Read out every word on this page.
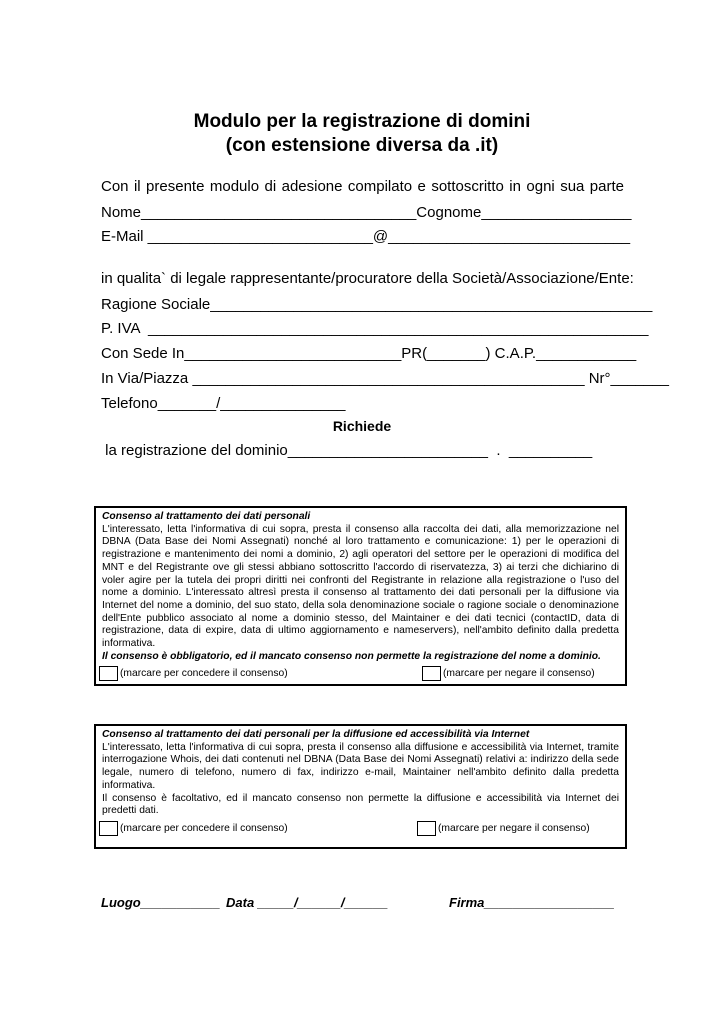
Modulo per la registrazione di domini
(con estensione diversa da .it)
Con il presente modulo di adesione compilato e sottoscritto in ogni sua parte
Nome_________________________________Cognome__________________
E-Mail ___________________________@_____________________________
in qualita` di legale rappresentante/procuratore della Società/Associazione/Ente:
Ragione Sociale_____________________________________________________
P. IVA  ____________________________________________________________
Con Sede In__________________________PR(_______) C.A.P.____________
In Via/Piazza _______________________________________________ Nr°_______
Telefono_______/_______________
Richiede
la registrazione del dominio________________________  .  __________
Consenso al trattamento dei dati personali
L'interessato, letta l'informativa di cui sopra, presta il consenso alla raccolta dei dati, alla memorizzazione nel DBNA (Data Base dei Nomi Assegnati) nonché al loro trattamento e comunicazione: 1) per le operazioni di registrazione e mantenimento dei nomi a dominio, 2) agli operatori del settore per le operazioni di modifica del MNT e del Registrante ove gli stessi abbiano sottoscritto l'accordo di riservatezza, 3) ai terzi che dichiarino di voler agire per la tutela dei propri diritti nei confronti del Registrante in relazione alla registrazione o l'uso del nome a dominio. L'interessato altresì presta il consenso al trattamento dei dati personali per la diffusione via Internet del nome a dominio, del suo stato, della sola denominazione sociale o ragione sociale o denominazione dell'Ente pubblico associato al nome a dominio stesso, del Maintainer e dei dati tecnici (contactID, data di registrazione, data di expire, data di ultimo aggiornamento e nameservers), nell'ambito definito dalla predetta informativa.
Il consenso è obbligatorio, ed il mancato consenso non permette la registrazione del nome a dominio.
(marcare per concedere il consenso)	(marcare per negare il consenso)
Consenso al trattamento dei dati personali per la diffusione ed accessibilità via Internet
L'interessato, letta l'informativa di cui sopra, presta il consenso alla diffusione e accessibilità via Internet, tramite interrogazione Whois, dei dati contenuti nel DBNA (Data Base dei Nomi Assegnati) relativi a: indirizzo della sede legale, numero di telefono, numero di fax, indirizzo e-mail, Maintainer nell'ambito definito dalla predetta informativa.
Il consenso è facoltativo, ed il mancato consenso non permette la diffusione e accessibilità via Internet dei predetti dati.
(marcare per concedere il consenso)	(marcare per negare il consenso)
Luogo___________ Data _____/______/______	Firma__________________
